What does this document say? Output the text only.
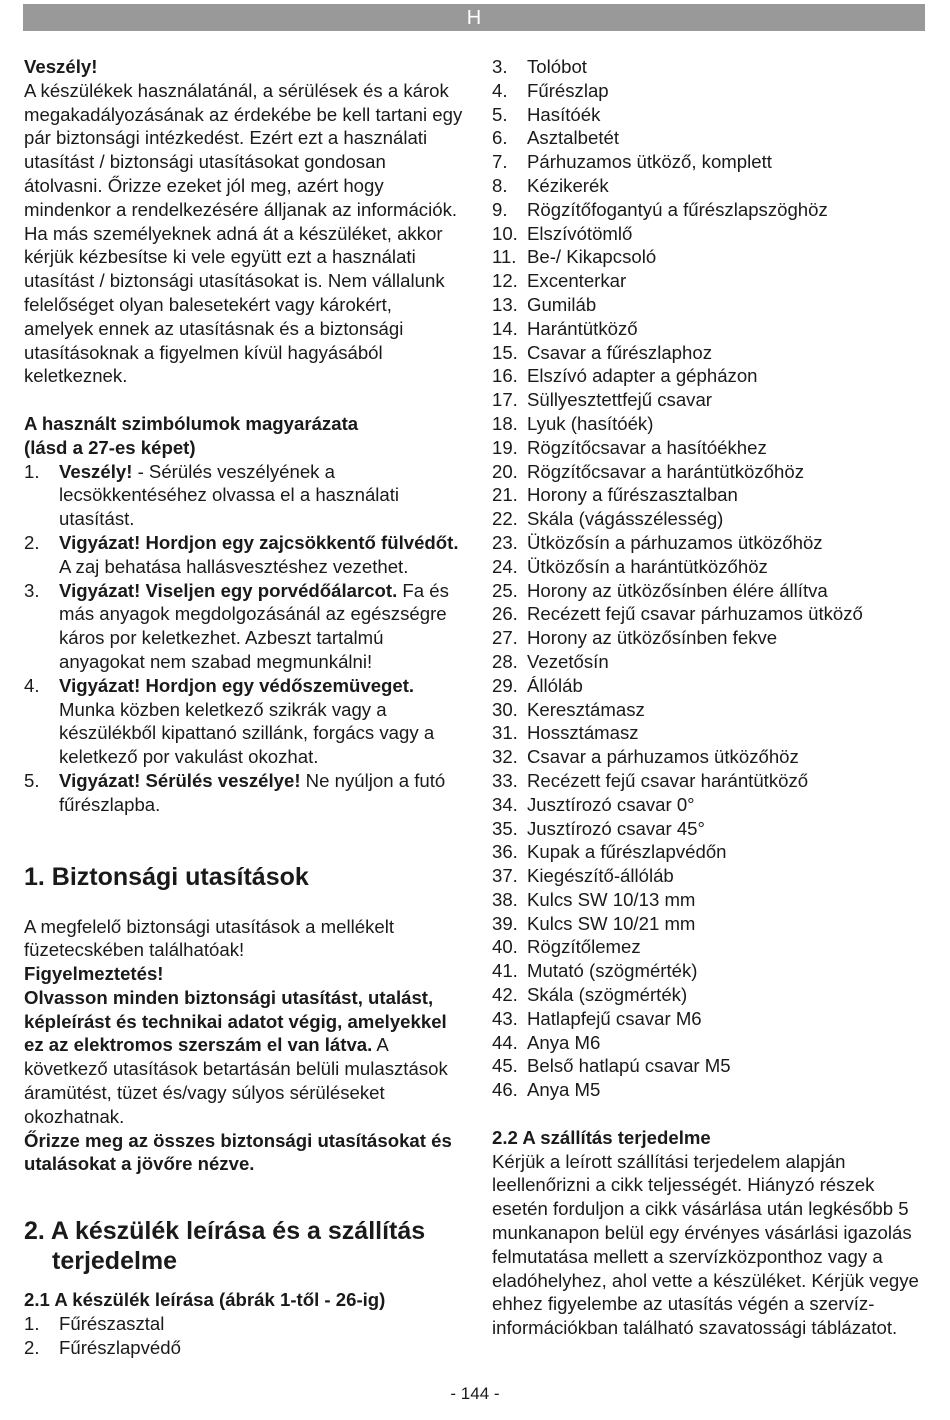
H

Veszély!

A készülékek használatánál, a sérülések és a károk megakadályozásának az érdekébe be kell tartani egy pár biztonsági intézkedést. Ezért ezt a használati utasítást / biztonsági utasításokat gondosan átolvasni. Őrizze ezeket jól meg, azért hogy mindenkor a rendelkezésére álljanak az információk. Ha más személyeknek adná át a készüléket, akkor kérjük kézbesítse ki vele együtt ezt a használati utasítást / biztonsági utasításokat is. Nem vállalunk felelőséget olyan balesetekért vagy károkért, amelyek ennek az utasításnak és a biztonsági utasításoknak a figyelmen kívül hagyásából keletkeznek.

A használt szimbólumok magyarázata

(lásd a 27-es képet)

1. Veszély! - Sérülés veszélyének a lecsökkentéséhez olvassa el a használati utasítást.
2. Vigyázat! Hordjon egy zajcsökkentő fülvédőt. A zaj behatása hallásvesztéshez vezethet.
3. Vigyázat! Viseljen egy porvédőálarcot. Fa és más anyagok megdolgozásánál az egészségre káros por keletkezhet. Azbeszt tartalmú anyagokat nem szabad megmunkálni!
4. Vigyázat! Hordjon egy védőszemüveget. Munka közben keletkező szikrák vagy a készülékből kipattanó szillánk, forgács vagy a keletkező por vakulást okozhat.
5. Vigyázat! Sérülés veszélye! Ne nyúljon a futó fűrészlapba.

1. Biztonsági utasítások

A megfelelő biztonsági utasítások a mellékelt füzetecskében találhatóak!

Figyelmeztetés!

Olvasson minden biztonsági utasítást, utalást, képleírást és technikai adatot végig, amelyekkel ez az elektromos szerszám el van látva. A következő utasítások betartásán belüli mulasztások áramütést, tüzet és/vagy súlyos sérüléseket okozhatnak.

Őrizze meg az összes biztonsági utasításokat és utalásokat a jövőre nézve.

2. A készülék leírása és a szállítás

terjedelme

2.1 A készülék leírása (ábrák 1-től - 26-ig)

1. Fűrészasztal
2. Fűrészlapvédő
3. Tolóbot
4. Fűrészlap
5. Hasítóék
6. Asztalbetét
7. Párhuzamos ütköző, komplett
8. Kézikerék
9. Rögzítőfogantyú a fűrészlapszöghöz
10. Elszívótömlő
11. Be-/ Kikapcsoló
12. Excenterkar
13. Gumiláb
14. Harántütköző
15. Csavar a fűrészlaphoz
16. Elszívó adapter a gépházon
17. Süllyesztettfejű csavar
18. Lyuk (hasítóék)
19. Rögzítőcsavar a hasítóékhez
20. Rögzítőcsavar a harántütközőhöz
21. Horony a fűrészasztalban
22. Skála (vágásszélesség)
23. Ütközősín a párhuzamos ütközőhöz
24. Ütközősín a harántütközőhöz
25. Horony az ütközősínben élére állítva
26. Recézett fejű csavar párhuzamos ütköző
27. Horony az ütközősínben fekve
28. Vezetősín
29. Állóláb
30. Keresztámasz
31. Hossztámasz
32. Csavar a párhuzamos ütközőhöz
33. Recézett fejű csavar harántütköző
34. Jusztírozó csavar 0°
35. Jusztírozó csavar 45°
36. Kupak a fűrészlapvédőn
37. Kiegészítő-állóláb
38. Kulcs SW 10/13 mm
39. Kulcs SW 10/21 mm
40. Rögzítőlemez
41. Mutató (szögmérték)
42. Skála (szögmérték)
43. Hatlapfejű csavar M6
44. Anya M6
45. Belső hatlapú csavar M5
46. Anya M5

2.2 A szállítás terjedelme

Kérjük a leírott szállítási terjedelem alapján leellenőrizni a cikk teljességét. Hiányzó részek esetén forduljon a cikk vásárlása után legkésőbb 5 munkanapon belül egy érvényes vásárlási igazolás felmutatása mellett a szervízközponthoz vagy a eladóhelyhez, ahol vette a készüléket. Kérjük vegye ehhez figyelembe az utasítás végén a szervíz-információkban található szavatossági táblázatot.

- 144 -
